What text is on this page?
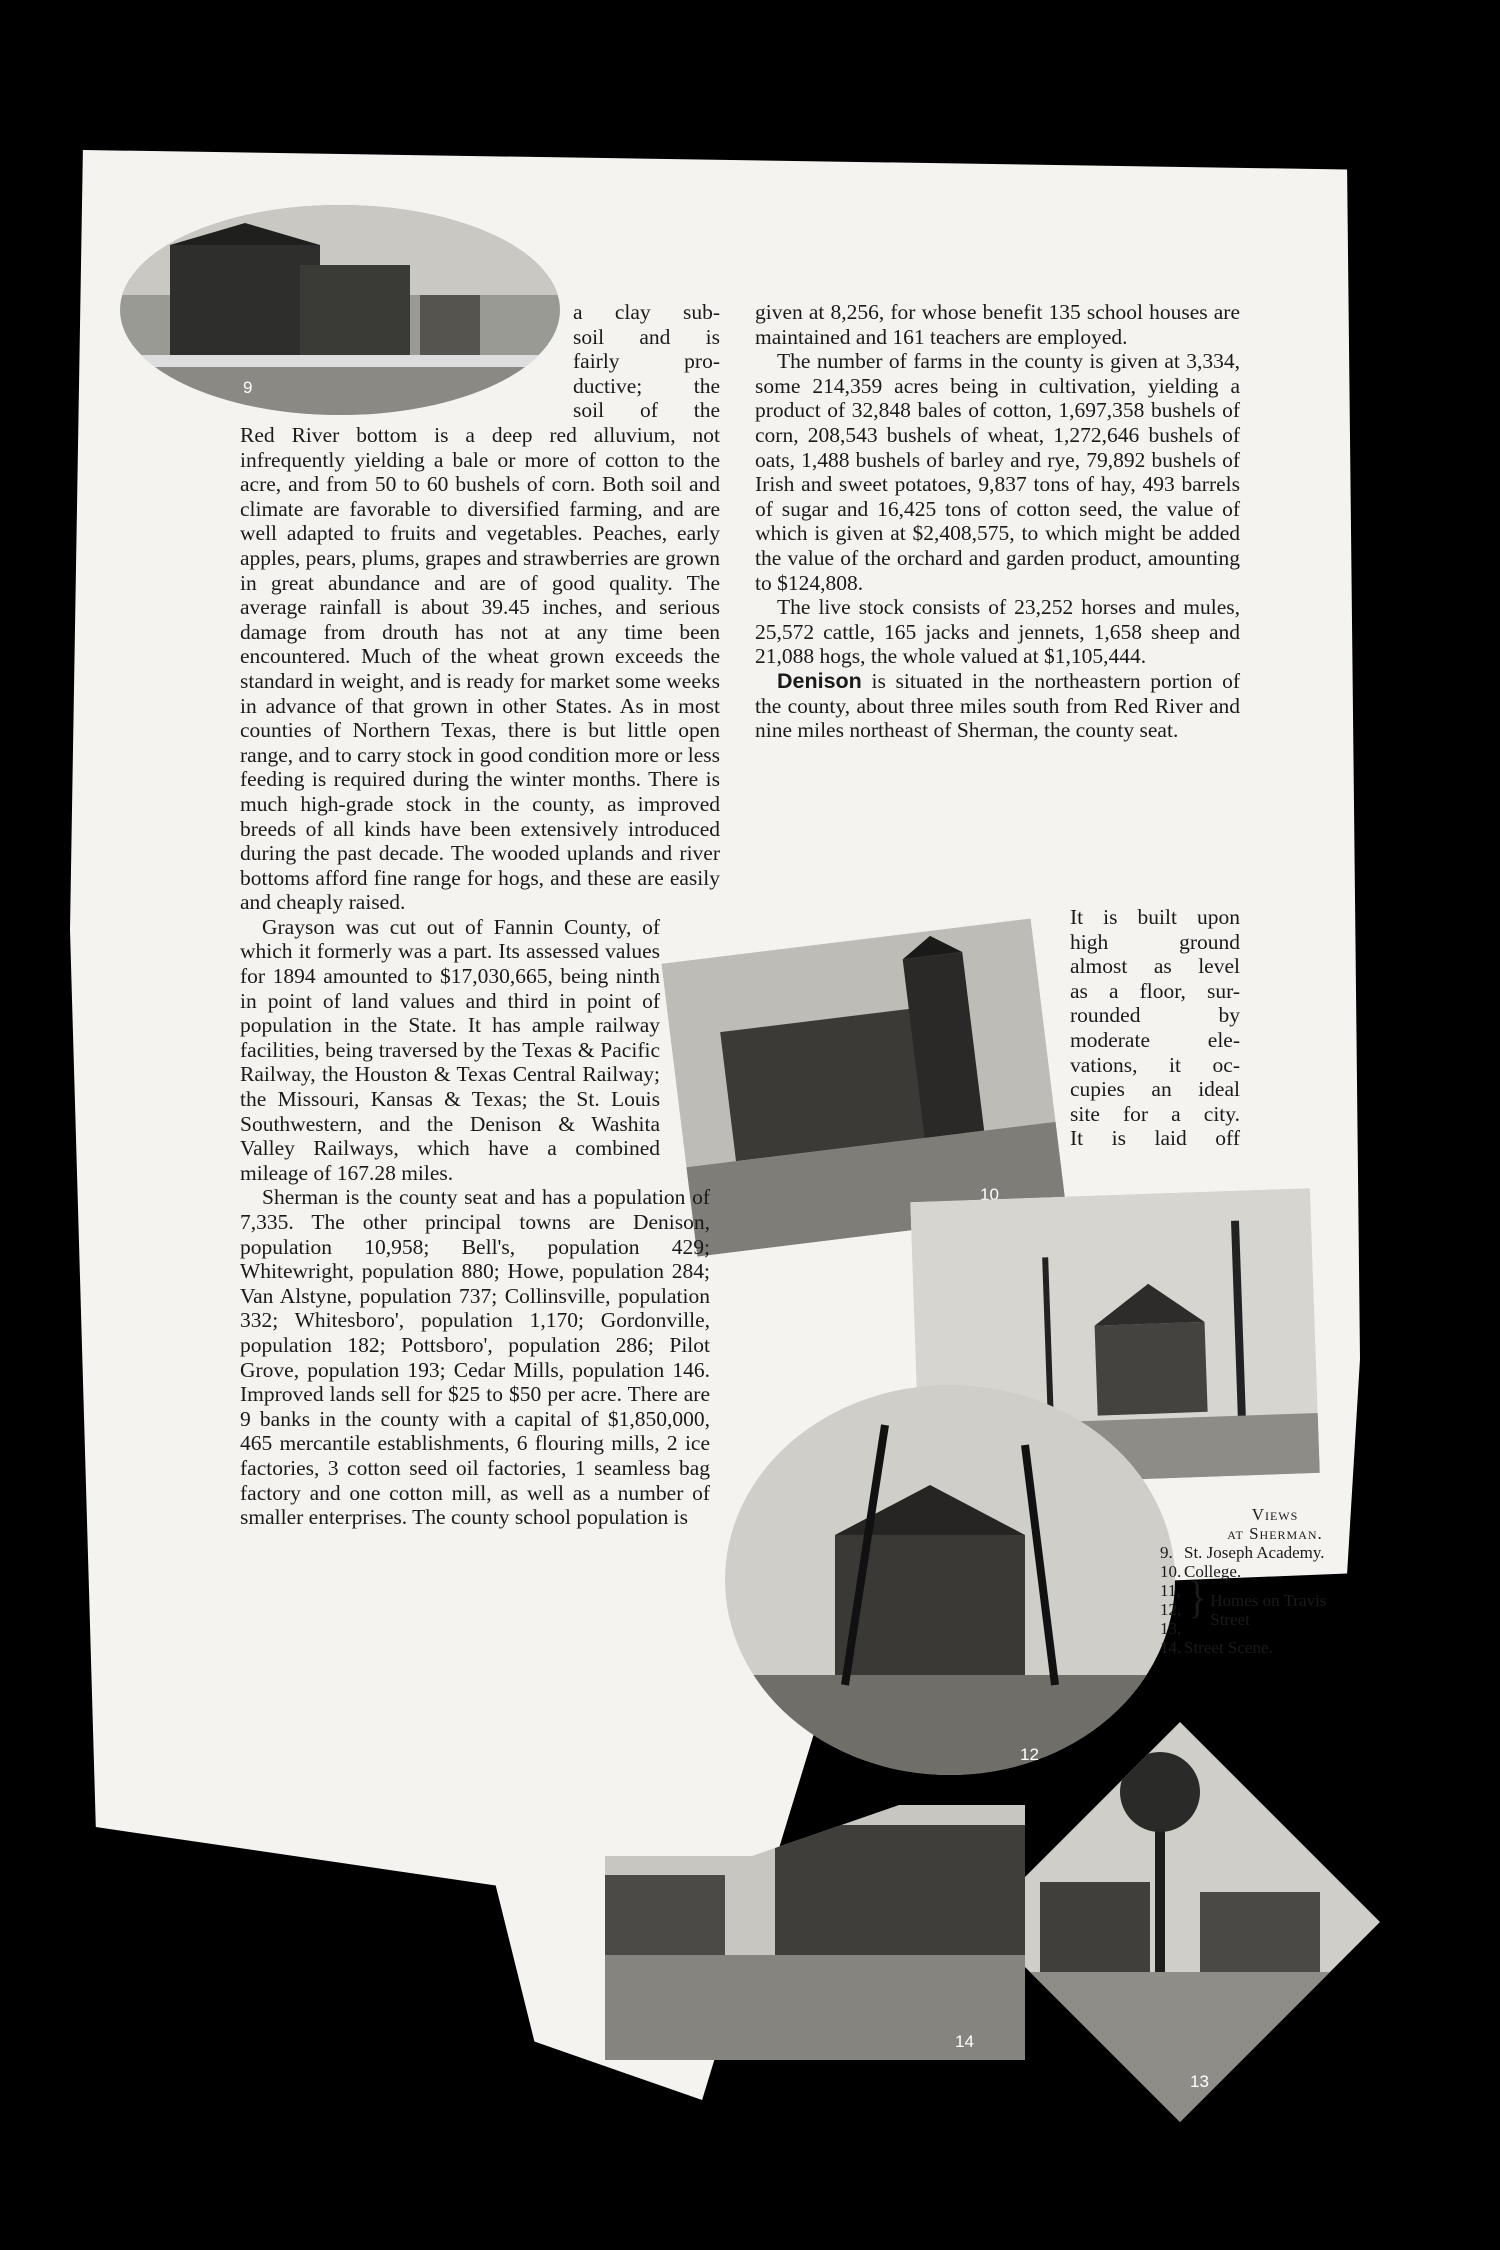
9
10
12
13
14

a clay sub-

soil and is

fairly pro-

ductive; the

soil of the

Red River bottom is a deep red alluvium, not infrequently yielding a bale or more of cotton to the acre, and from 50 to 60 bushels of corn. Both soil and climate are favorable to diversified farming, and are well adapted to fruits and vegetables. Peaches, early apples, pears, plums, grapes and strawberries are grown in great abundance and are of good quality. The average rainfall is about 39.45 inches, and serious damage from drouth has not at any time been encountered. Much of the wheat grown exceeds the standard in weight, and is ready for market some weeks in advance of that grown in other States. As in most counties of Northern Texas, there is but little open range, and to carry stock in good condition more or less feeding is required during the winter months. There is much high-grade stock in the county, as improved breeds of all kinds have been extensively introduced during the past decade. The wooded uplands and river bottoms afford fine range for hogs, and these are easily and cheaply raised.

Grayson was cut out of Fannin County, of which it formerly was a part. Its assessed values for 1894 amounted to $17,030,665, being ninth in point of land values and third in point of population in the State. It has ample railway facilities, being traversed by the Texas & Pacific Railway, the Houston & Texas Central Railway; the Missouri, Kansas & Texas; the St. Louis Southwestern, and the Denison & Washita Valley Railways, which have a combined mileage of 167.28 miles.

Sherman is the county seat and has a population of 7,335. The other principal towns are Denison, population 10,958; Bell's, population 429; Whitewright, population 880; Howe, population 284; Van Alstyne, population 737; Collinsville, population 332; Whitesboro', population 1,170; Gordonville, population 182; Pottsboro', population 286; Pilot Grove, population 193; Cedar Mills, population 146. Improved lands sell for $25 to $50 per acre. There are 9 banks in the county with a capital of $1,850,000, 465 mercantile establishments, 6 flouring mills, 2 ice factories, 3 cotton seed oil factories, 1 seamless bag factory and one cotton mill, as well as a number of smaller enterprises. The county school population is

given at 8,256, for whose benefit 135 school houses are maintained and 161 teachers are employed.

The number of farms in the county is given at 3,334, some 214,359 acres being in cultivation, yielding a product of 32,848 bales of cotton, 1,697,358 bushels of corn, 208,543 bushels of wheat, 1,272,646 bushels of oats, 1,488 bushels of barley and rye, 79,892 bushels of Irish and sweet potatoes, 9,837 tons of hay, 493 barrels of sugar and 16,425 tons of cotton seed, the value of which is given at $2,408,575, to which might be added the value of the orchard and garden product, amounting to $124,808.

The live stock consists of 23,252 horses and mules, 25,572 cattle, 165 jacks and jennets, 1,658 sheep and 21,088 hogs, the whole valued at $1,105,444.

Denison is situated in the northeastern portion of the county, about three miles south from Red River and nine miles northeast of Sherman, the county seat.

It is built upon

high ground

almost as level

as a floor, sur-

rounded by

moderate ele-

vations, it oc-

cupies an ideal

site for a city.

It is laid off

Views
at Sherman.
9. St. Joseph Academy.
10. College.
11,
12,
13,
} Homes on Travis Street
14. Street Scene.
